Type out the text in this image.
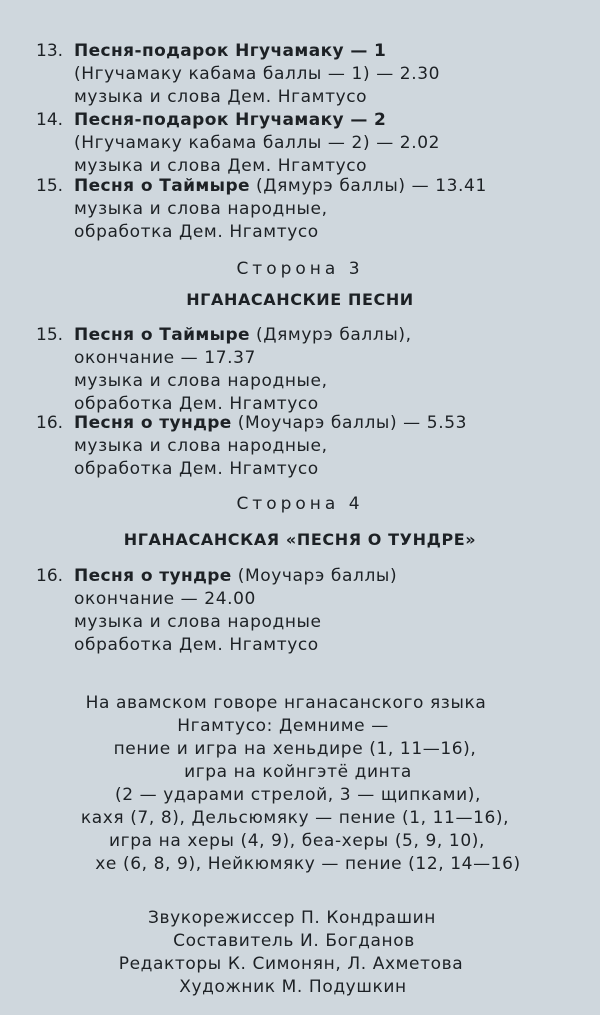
13. Песня-подарок Нгучамаку — 1
(Нгучамаку кабама баллы — 1) — 2.30
музыка и слова Дем. Нгамтусо
14. Песня-подарок Нгучамаку — 2
(Нгучамаку кабама баллы — 2) — 2.02
музыка и слова Дем. Нгамтусо
15. Песня о Таймыре (Дямурэ баллы) — 13.41
музыка и слова народные,
обработка Дем. Нгамтусо
Сторона 3
НГАНАСАНСКИЕ ПЕСНИ
15. Песня о Таймыре (Дямурэ баллы),
окончание — 17.37
музыка и слова народные,
обработка Дем. Нгамтусо
16. Песня о тундре (Моучарэ баллы) — 5.53
музыка и слова народные,
обработка Дем. Нгамтусо
Сторона 4
НГАНАСАНСКАЯ «ПЕСНЯ О ТУНДРЕ»
16. Песня о тундре (Моучарэ баллы)
окончание — 24.00
музыка и слова народные
обработка Дем. Нгамтусо
На авамском говоре нганасанского языка
Нгамтусо: Демниме —
пение и игра на хеньдире (1, 11—16),
игра на койнгэтё динта
(2 — ударами стрелой, 3 — щипками),
кахя (7, 8), Дельсюмяку — пение (1, 11—16),
игра на херы (4, 9), беа-херы (5, 9, 10),
хе (6, 8, 9), Нейкюмяку — пение (12, 14—16)
Звукорежиссер П. Кондрашин
Составитель И. Богданов
Редакторы К. Симонян, Л. Ахметова
Художник М. Подушкин
